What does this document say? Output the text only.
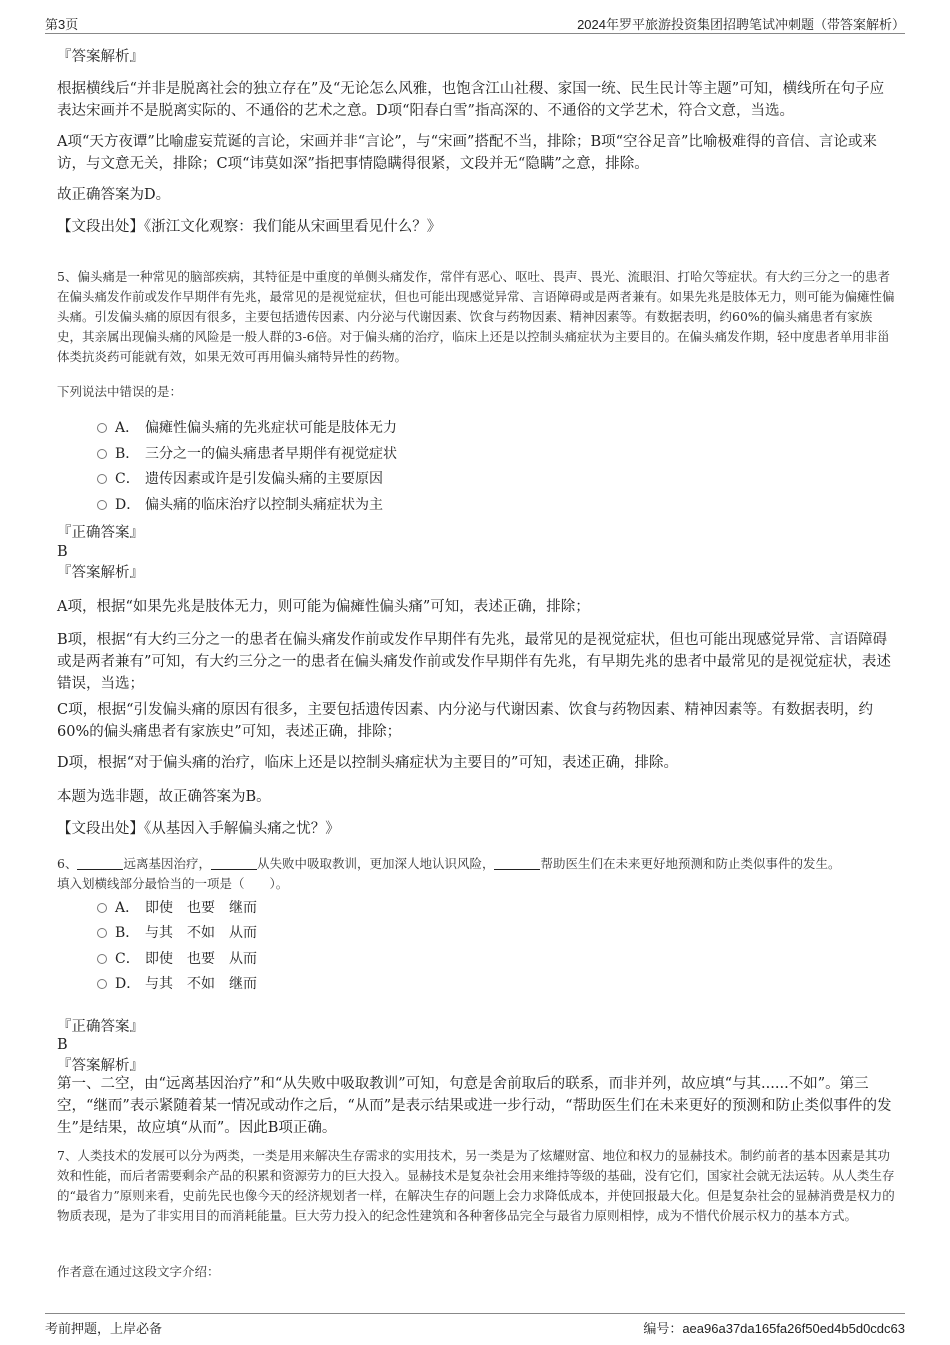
第3页	2024年罗平旅游投资集团招聘笔试冲刺题（带答案解析）
『答案解析』
根据横线后“并非是脱离社会的独立存在”及“无论怎么风雅，也饱含江山社稷、家国一统、民生民计等主题”可知，横线所在句子应表达宋画并不是脱离实际的、不通俗的艺术之意。D项“阳春白雪”指高深的、不通俗的文学艺术，符合文意，当选。
A项“天方夜谭”比喻虚妄荒诞的言论，宋画并非“言论”，与“宋画”搭配不当，排除；B项“空谷足音”比喻极难得的音信、言论或来访，与文意无关，排除；C项“讳莫如深”指把事情隐瞒得很紧，文段并无“隐瞒”之意，排除。
故正确答案为D。
【文段出处】《浙江文化观察：我们能从宋画里看见什么？》
5、偏头痛是一种常见的脑部疾病，其特征是中重度的单侧头痛发作，常伴有恶心、呕吐、畏声、畏光、流眼泪、打哈欠等症状。有大约三分之一的患者在偏头痛发作前或发作早期伴有先兆，最常见的是视觉症状，但也可能出现感觉异常、言语障碍或是两者兼有。如果先兆是肢体无力，则可能为偏瘫性偏头痛。引发偏头痛的原因有很多，主要包括遗传因素、内分泌与代谢因素、饮食与药物因素、精神因素等。有数据表明，约60%的偏头痛患者有家族史，其亲属出现偏头痛的风险是一般人群的3-6倍。对于偏头痛的治疗，临床上还是以控制头痛症状为主要目的。在偏头痛发作期，轻中度患者单用非甾体类抗炎药可能就有效，如果无效可再用偏头痛特异性的药物。
下列说法中错误的是：
A． 偏瘫性偏头痛的先兆症状可能是肢体无力
B． 三分之一的偏头痛患者早期伴有视觉症状
C． 遗传因素或许是引发偏头痛的主要原因
D． 偏头痛的临床治疗以控制头痛症状为主
『正确答案』
B
『答案解析』
A项，根据“如果先兆是肢体无力，则可能为偏瘫性偏头痛”可知，表述正确，排除；
B项，根据“有大约三分之一的患者在偏头痛发作前或发作早期伴有先兆，最常见的是视觉症状，但也可能出现感觉异常、言语障碍或是两者兼有”可知，有大约三分之一的患者在偏头痛发作前或发作早期伴有先兆，有早期先兆的患者中最常见的是视觉症状，表述错误，当选；
C项，根据“引发偏头痛的原因有很多，主要包括遗传因素、内分泌与代谢因素、饮食与药物因素、精神因素等。有数据表明，约60%的偏头痛患者有家族史”可知，表述正确，排除；
D项，根据“对于偏头痛的治疗，临床上还是以控制头痛症状为主要目的”可知，表述正确，排除。
本题为选非题，故正确答案为B。
【文段出处】《从基因入手解偏头痛之忧？》
6、	远离基因治疗，	从失败中吸取教训，更加深人地认识风险，	帮助医生们在未来更好地预测和防止类似事件的发生。
填入划横线部分最恰当的一项是（　　）。
A． 即使　也要　继而
B． 与其　不如　从而
C． 即使　也要　从而
D． 与其　不如　继而
『正确答案』
B
『答案解析』
第一、二空，由“远离基因治疗”和“从失败中吸取教训”可知，句意是舍前取后的联系，而非并列，故应填“与其......不如”。第三空，“继而”表示紧随着某一情况或动作之后，“从而”是表示结果或进一步行动，“帮助医生们在未来更好的预测和防止类似事件的发生”是结果，故应填“从而”。因此B项正确。
7、人类技术的发展可以分为两类，一类是用来解决生存需求的实用技术，另一类是为了炫耀财富、地位和权力的显赫技术。制约前者的基本因素是其功效和性能，而后者需要剩余产品的积累和资源劳力的巨大投入。显赫技术是复杂社会用来维持等级的基础，没有它们，国家社会就无法运转。从人类生存的“最省力”原则来看，史前先民也像今天的经济规划者一样，在解决生存的问题上会力求降低成本，并使回报最大化。但是复杂社会的显赫消费是权力的物质表现，是为了非实用目的而消耗能量。巨大劳力投入的纪念性建筑和各种奢侈品完全与最省力原则相悖，成为不惜代价展示权力的基本方式。
作者意在通过这段文字介绍：
考前押题，上岸必备	编号：aea96a37da165fa26f50ed4b5d0cdc63
